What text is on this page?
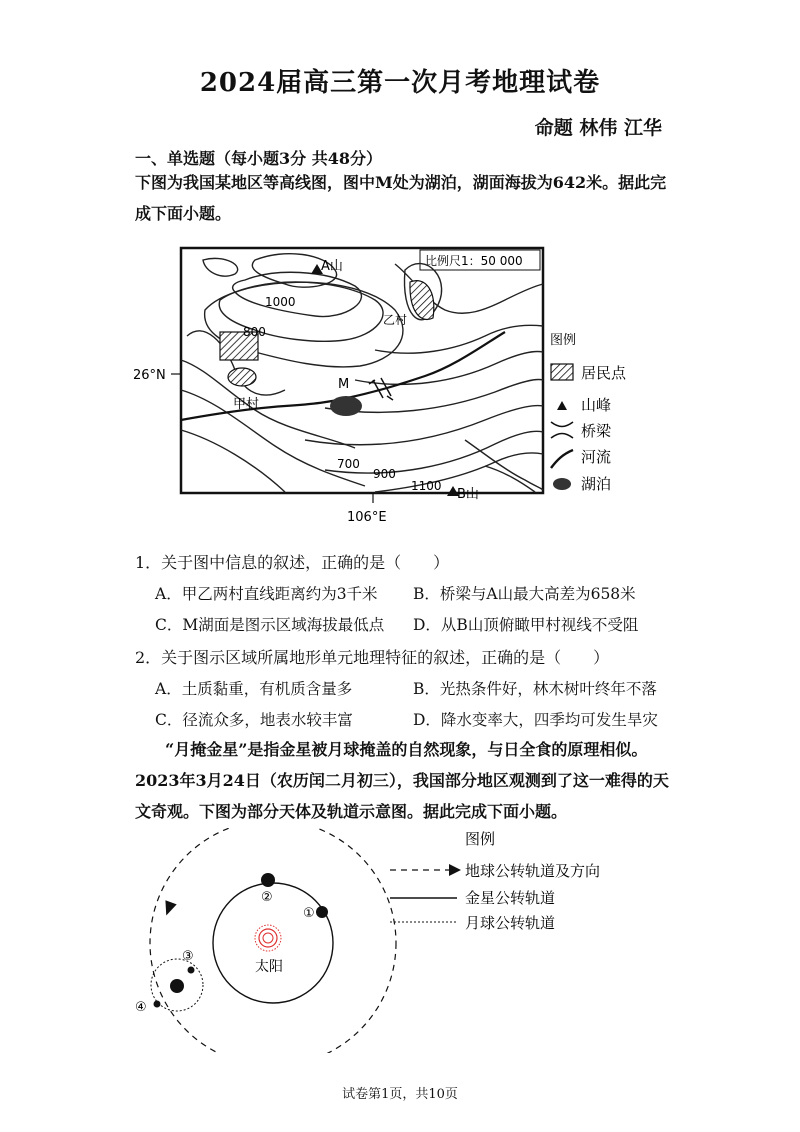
2024届高三第一次月考地理试卷
命题 林伟 江华
一、单选题（每小题3分 共48分）
下图为我国某地区等高线图，图中M处为湖泊，湖面海拔为642米。据此完
成下面小题。
比例尺1：50 000
M
甲村
乙村
A山
B山
1000
800
700
900
1100
26°N
106°E
图例
居民点
山峰
桥梁
河流
湖泊
1．关于图中信息的叙述，正确的是（　　）
A．甲乙两村直线距离约为3千米 B．桥梁与A山最大高差为658米
C．M湖面是图示区域海拔最低点 D．从B山顶俯瞰甲村视线不受阻
2．关于图示区域所属地形单元地理特征的叙述，正确的是（　　）
A．土质黏重，有机质含量多	B．光热条件好，林木树叶终年不落
C．径流众多，地表水较丰富	D．降水变率大，四季均可发生旱灾
“月掩金星”是指金星被月球掩盖的自然现象，与日全食的原理相似。
2023年3月24日（农历闰二月初三），我国部分地区观测到了这一难得的天
文奇观。下图为部分天体及轨道示意图。据此完成下面小题。
太阳
①
②
③
④
图例
地球公转轨道及方向
金星公转轨道
月球公转轨道
试卷第1页，共10页
